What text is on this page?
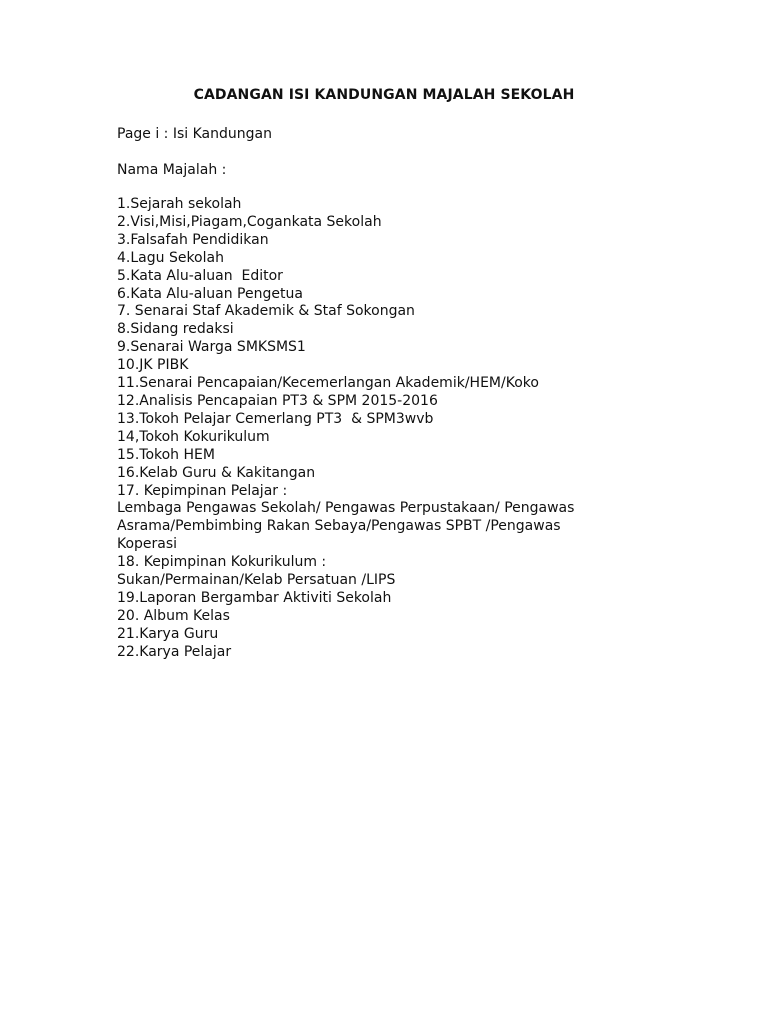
CADANGAN ISI KANDUNGAN MAJALAH SEKOLAH
Page i : Isi Kandungan
Nama Majalah :
1.Sejarah sekolah
2.Visi,Misi,Piagam,Cogankata Sekolah
3.Falsafah Pendidikan
4.Lagu Sekolah
5.Kata Alu-aluan  Editor
6.Kata Alu-aluan Pengetua
7. Senarai Staf Akademik & Staf Sokongan
8.Sidang redaksi
9.Senarai Warga SMKSMS1
10.JK PIBK
11.Senarai Pencapaian/Kecemerlangan Akademik/HEM/Koko
12.Analisis Pencapaian PT3 & SPM 2015-2016
13.Tokoh Pelajar Cemerlang PT3  & SPM3wvb
14,Tokoh Kokurikulum
15.Tokoh HEM
16.Kelab Guru & Kakitangan
17. Kepimpinan Pelajar :
Lembaga Pengawas Sekolah/ Pengawas Perpustakaan/ Pengawas
Asrama/Pembimbing Rakan Sebaya/Pengawas SPBT /Pengawas
Koperasi
18. Kepimpinan Kokurikulum :
Sukan/Permainan/Kelab Persatuan /LIPS
19.Laporan Bergambar Aktiviti Sekolah
20. Album Kelas
21.Karya Guru
22.Karya Pelajar
